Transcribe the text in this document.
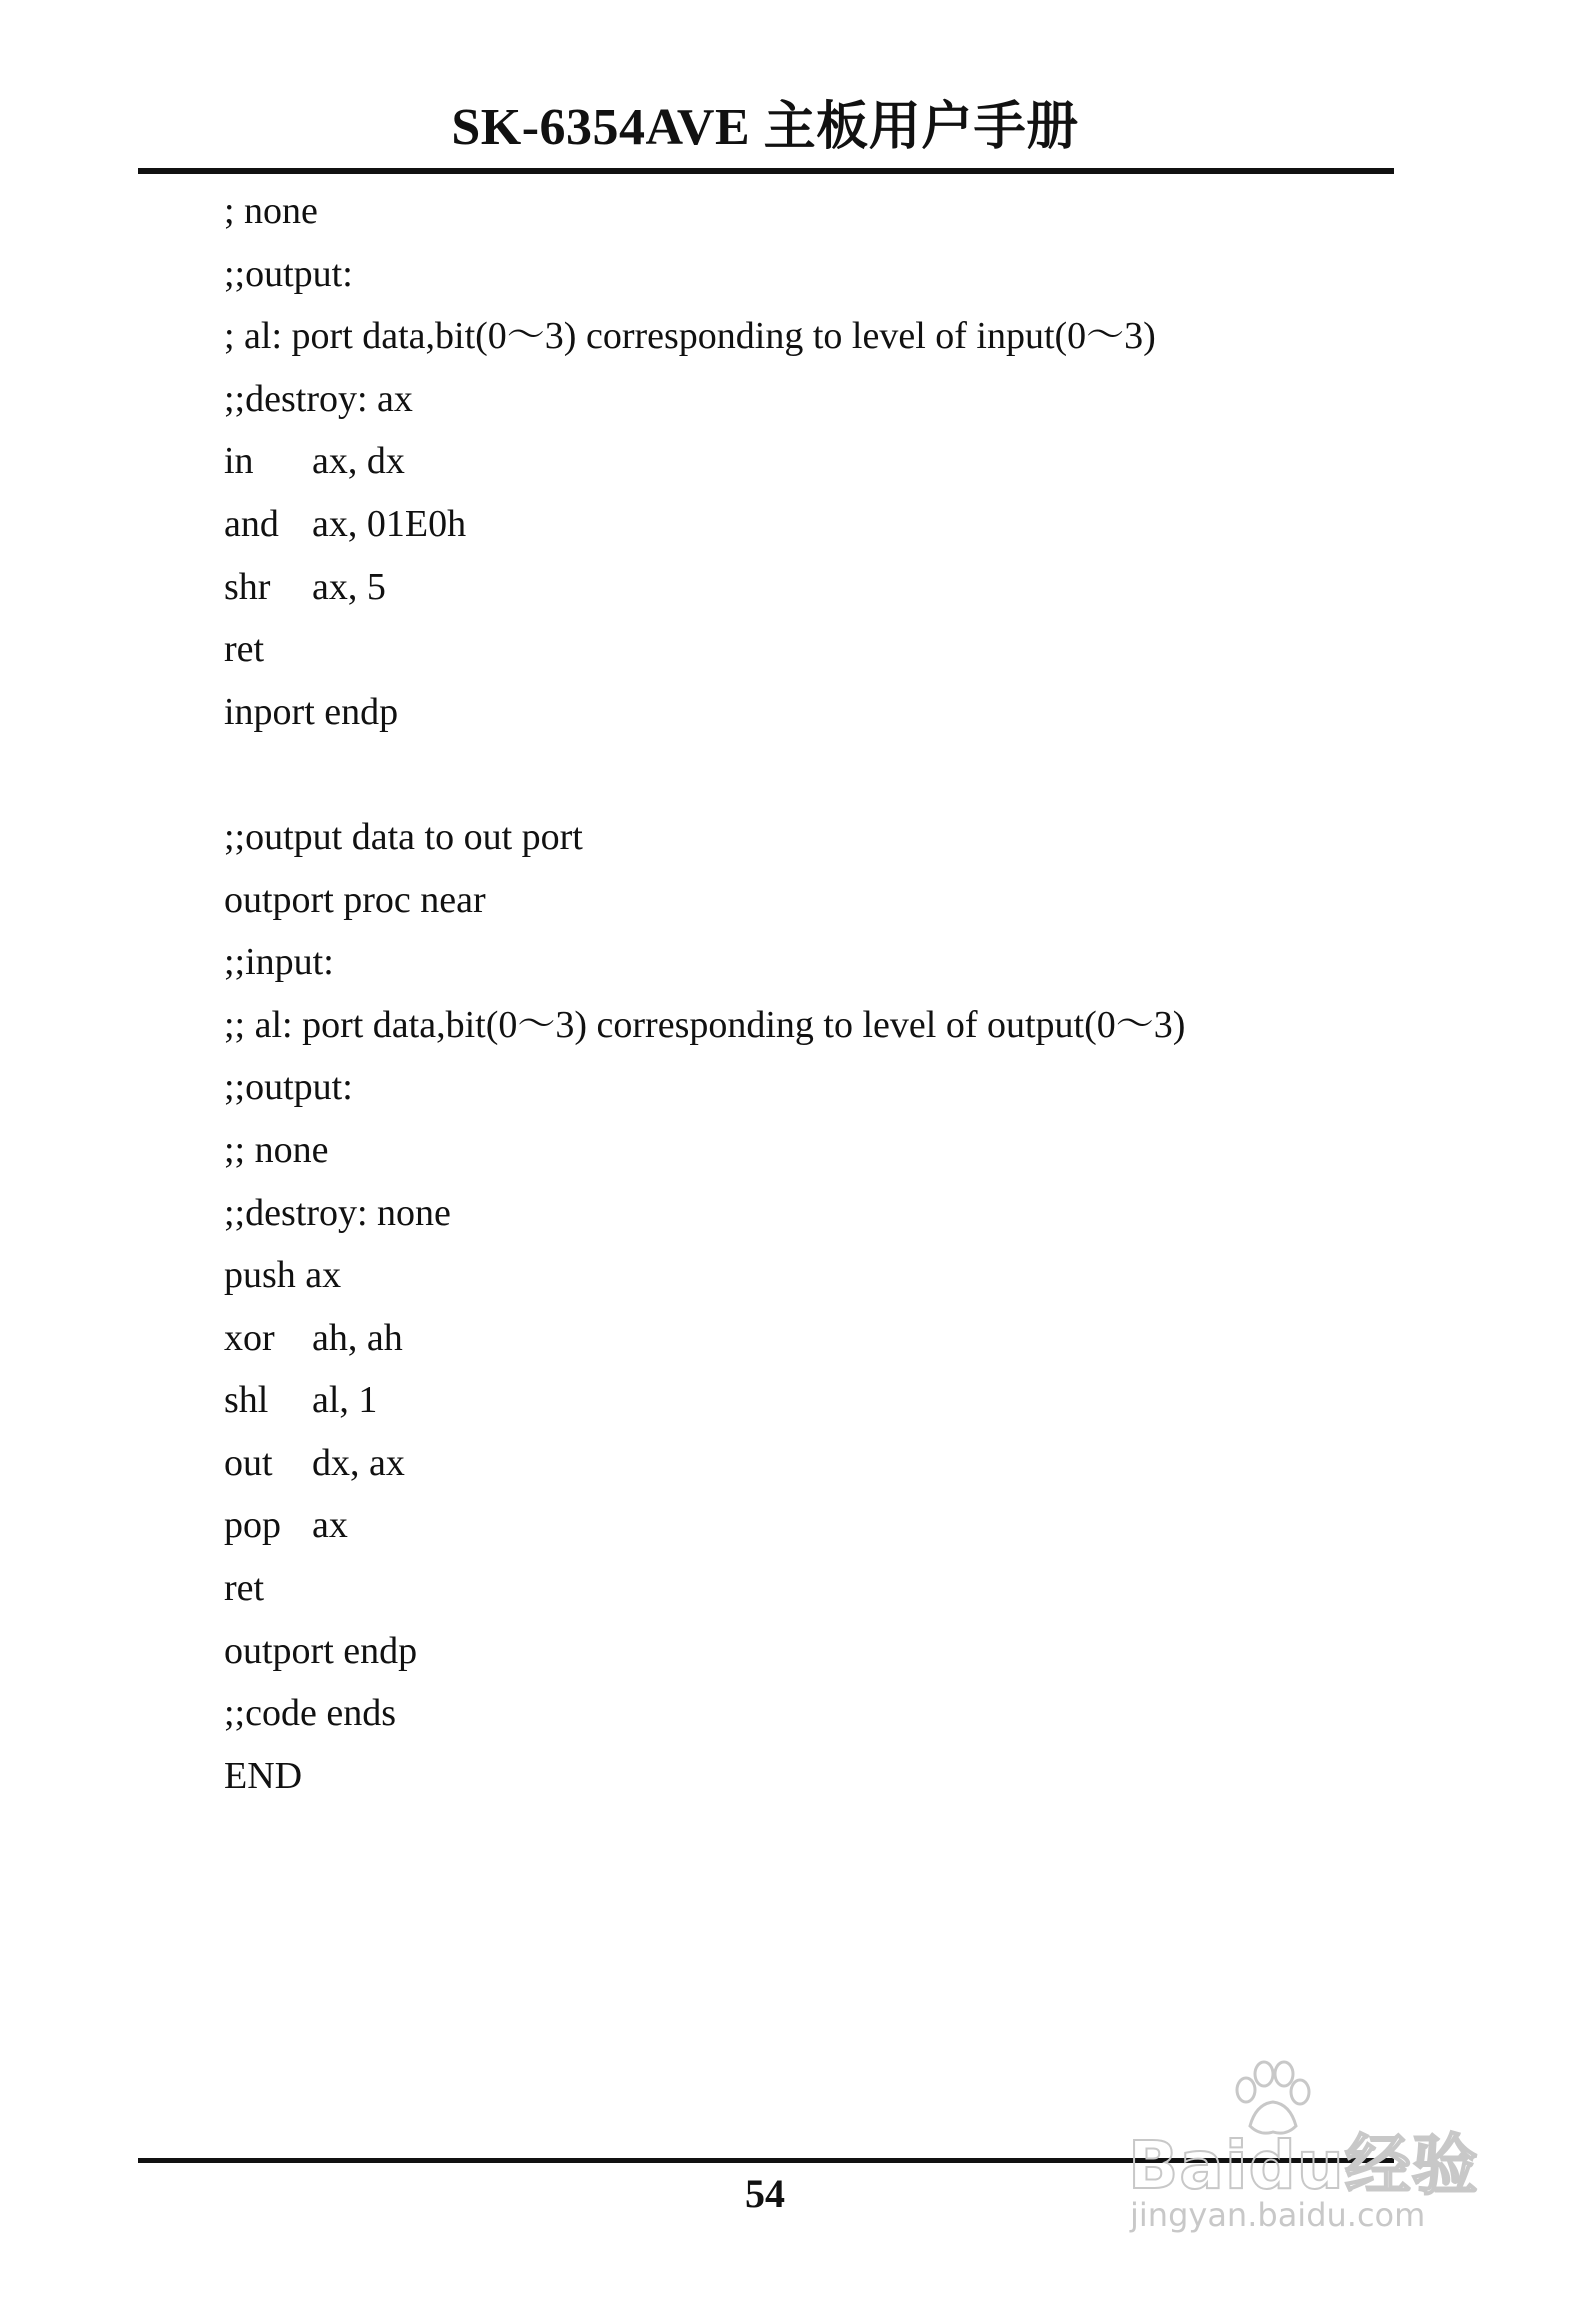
SK-6354AVE 主板用户手册
; none
;;output:
; al: port data,bit(0～3) corresponding to level of input(0～3)
;;destroy: ax
in ax, dx
and ax, 01E0h
shr ax, 5
ret
inport endp
;;output data to out port
outport proc near
;;input:
;; al: port data,bit(0～3) corresponding to level of output(0～3)
;;output:
;; none
;;destroy: none
push ax
xor ah, ah
shl al, 1
out dx, ax
pop ax
ret
outport endp
;;code ends
END
54	Baidu经验
jingyan.baidu.com
